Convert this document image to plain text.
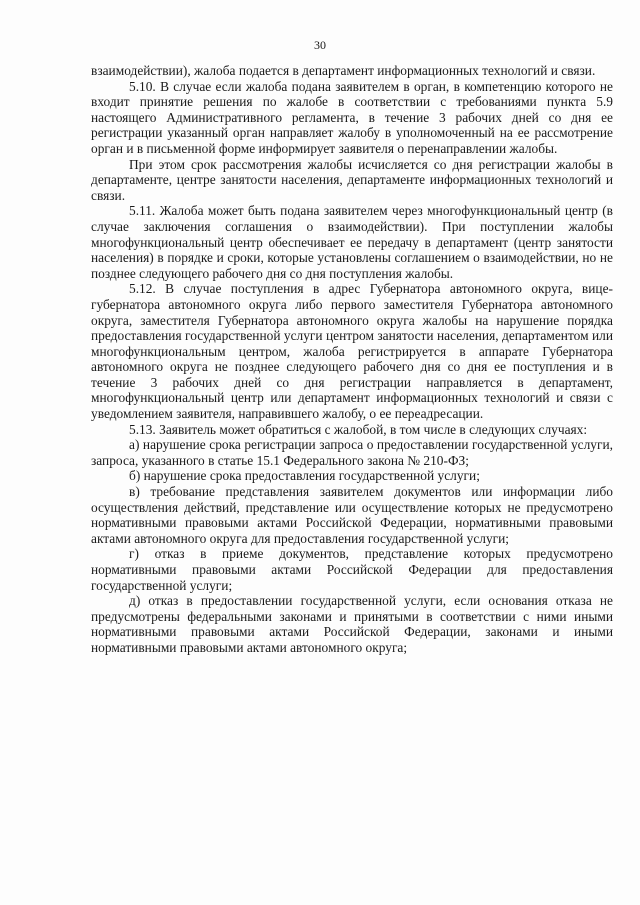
30

взаимодействии), жалоба подается в департамент информационных технологий и связи.

5.10. В случае если жалоба подана заявителем в орган, в компетенцию которого не входит принятие решения по жалобе в соответствии с требованиями пункта 5.9 настоящего Административного регламента, в течение 3 рабочих дней со дня ее регистрации указанный орган направляет жалобу в уполномоченный на ее рассмотрение орган и в письменной форме информирует заявителя о перенаправлении жалобы.

При этом срок рассмотрения жалобы исчисляется со дня регистрации жалобы в департаменте, центре занятости населения, департаменте информационных технологий и связи.

5.11. Жалоба может быть подана заявителем через многофункциональный центр (в случае заключения соглашения о взаимодействии). При поступлении жалобы многофункциональный центр обеспечивает ее передачу в департамент (центр занятости населения) в порядке и сроки, которые установлены соглашением о взаимодействии, но не позднее следующего рабочего дня со дня поступления жалобы.

5.12. В случае поступления в адрес Губернатора автономного округа, вице-губернатора автономного округа либо первого заместителя Губернатора автономного округа, заместителя Губернатора автономного округа жалобы на нарушение порядка предоставления государственной услуги центром занятости населения, департаментом или многофункциональным центром, жалоба регистрируется в аппарате Губернатора автономного округа не позднее следующего рабочего дня со дня ее поступления и в течение 3 рабочих дней со дня регистрации направляется в департамент, многофункциональный центр или департамент информационных технологий и связи с уведомлением заявителя, направившего жалобу, о ее переадресации.

5.13. Заявитель может обратиться с жалобой, в том числе в следующих случаях:

а) нарушение срока регистрации запроса о предоставлении государственной услуги, запроса, указанного в статье 15.1 Федерального закона № 210-ФЗ;

б) нарушение срока предоставления государственной услуги;

в) требование представления заявителем документов или информации либо осуществления действий, представление или осуществление которых не предусмотрено нормативными правовыми актами Российской Федерации, нормативными правовыми актами автономного округа для предоставления государственной услуги;

г) отказ в приеме документов, представление которых предусмотрено нормативными правовыми актами Российской Федерации для предоставления государственной услуги;

д) отказ в предоставлении государственной услуги, если основания отказа не предусмотрены федеральными законами и принятыми в соответствии с ними иными нормативными правовыми актами Российской Федерации, законами и иными нормативными правовыми актами автономного округа;
